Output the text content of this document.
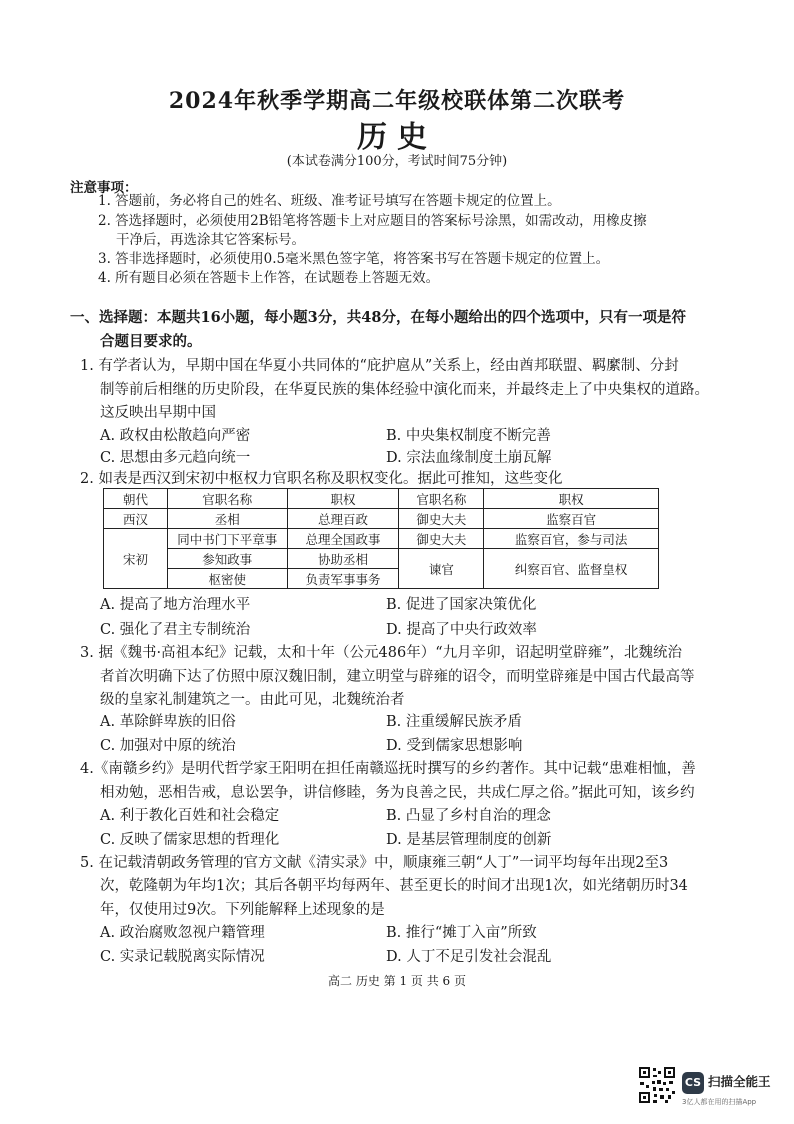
2024年秋季学期高二年级校联体第二次联考
历史
(本试卷满分100分，考试时间75分钟)
注意事项：
1. 答题前，务必将自己的姓名、班级、准考证号填写在答题卡规定的位置上。
2. 答选择题时，必须使用2B铅笔将答题卡上对应题目的答案标号涂黑，如需改动，用橡皮擦
干净后，再选涂其它答案标号。
3. 答非选择题时，必须使用0.5毫米黑色签字笔，将答案书写在答题卡规定的位置上。
4. 所有题目必须在答题卡上作答，在试题卷上答题无效。
一、选择题：本题共16小题，每小题3分，共48分，在每小题给出的四个选项中，只有一项是符
合题目要求的。
1. 有学者认为，早期中国在华夏小共同体的“庇护扈从”关系上，经由酋邦联盟、羁縻制、分封
制等前后相继的历史阶段，在华夏民族的集体经验中演化而来，并最终走上了中央集权的道路。
这反映出早期中国
A. 政权由松散趋向严密	B. 中央集权制度不断完善
C. 思想由多元趋向统一	D. 宗法血缘制度土崩瓦解
2. 如表是西汉到宋初中枢权力官职名称及职权变化。据此可推知，这些变化
朝代	官职名称	职权	官职名称	职权
西汉	丞相	总理百政	御史大夫	监察百官
宋初	同中书门下平章事	总理全国政事	御史大夫	监察百官，参与司法
	参知政事	协助丞相	谏官	纠察百官、监督皇权
	枢密使	负责军事事务		
A. 提高了地方治理水平	B. 促进了国家决策优化
C. 强化了君主专制统治	D. 提高了中央行政效率
3. 据《魏书·高祖本纪》记载，太和十年（公元486年）“九月辛卯，诏起明堂辟雍”，北魏统治
者首次明确下达了仿照中原汉魏旧制，建立明堂与辟雍的诏令，而明堂辟雍是中国古代最高等
级的皇家礼制建筑之一。由此可见，北魏统治者
A. 革除鲜卑族的旧俗	B. 注重缓解民族矛盾
C. 加强对中原的统治	D. 受到儒家思想影响
4.《南赣乡约》是明代哲学家王阳明在担任南赣巡抚时撰写的乡约著作。其中记载“患难相恤，善
相劝勉，恶相告戒，息讼罢争，讲信修睦，务为良善之民，共成仁厚之俗。”据此可知，该乡约
A. 利于教化百姓和社会稳定	B. 凸显了乡村自治的理念
C. 反映了儒家思想的哲理化	D. 是基层管理制度的创新
5. 在记载清朝政务管理的官方文献《清实录》中，顺康雍三朝“人丁”一词平均每年出现2至3
次，乾隆朝为年均1次；其后各朝平均每两年、甚至更长的时间才出现1次，如光绪朝历时34
年，仅使用过9次。下列能解释上述现象的是
A. 政治腐败忽视户籍管理	B. 推行“摊丁入亩”所致
C. 实录记载脱离实际情况	D. 人丁不足引发社会混乱
高二 历史 第 1 页 共 6 页
CS 扫描全能王
3亿人都在用的扫描App
